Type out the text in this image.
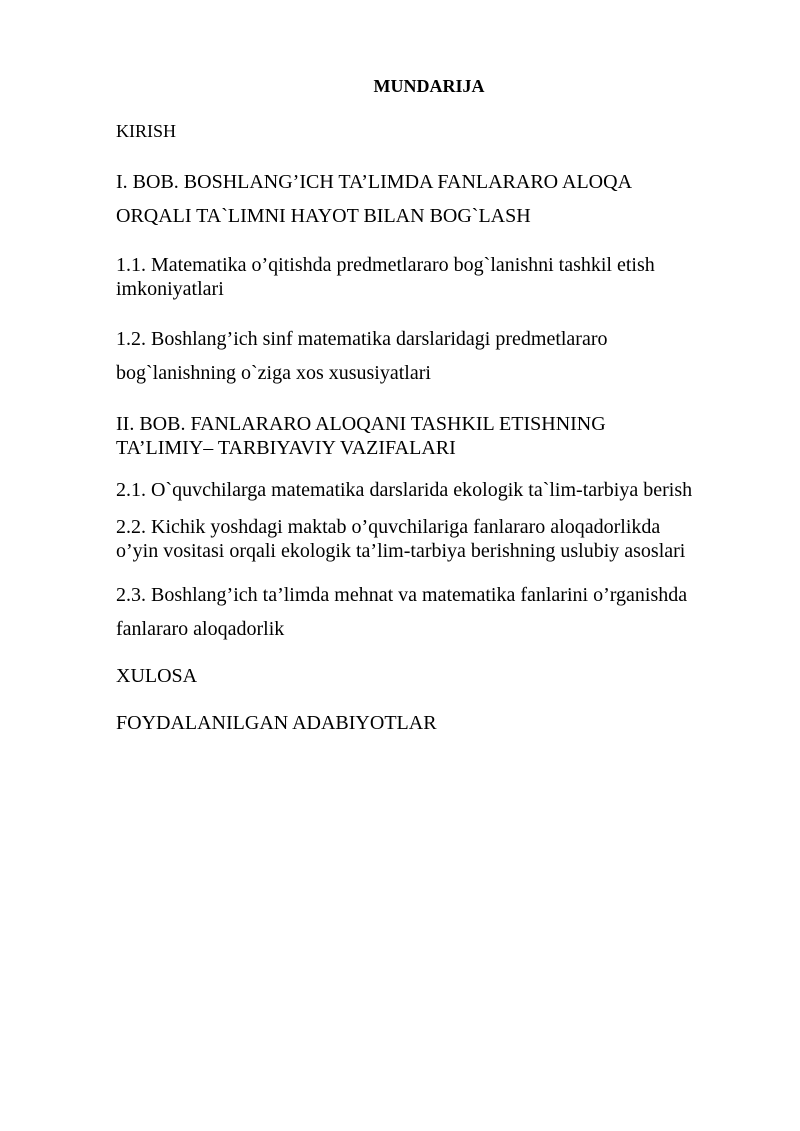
MUNDARIJA
KIRISH
I. BOB. BOSHLANG’ICH TA’LIMDA FANLARARO ALOQA
ORQALI TA`LIMNI HAYOT BILAN BOG`LASH
1.1. Matematika o’qitishda predmetlararo bog`lanishni tashkil etish
imkoniyatlari
1.2. Boshlang’ich sinf matematika darslaridagi predmetlararo
bog`lanishning o`ziga xos xususiyatlari
II. BOB. FANLARARO ALOQANI TASHKIL ETISHNING
TA’LIMIY– TARBIYAVIY VAZIFALARI
2.1. O`quvchilarga matematika darslarida ekologik ta`lim-tarbiya berish
2.2. Kichik yoshdagi maktab o’quvchilariga fanlararo aloqadorlikda
o’yin vositasi orqali ekologik ta’lim-tarbiya berishning uslubiy asoslari
2.3. Boshlang’ich ta’limda mehnat va matematika fanlarini o’rganishda
fanlararo aloqadorlik
XULOSA
FOYDALANILGAN ADABIYOTLAR
